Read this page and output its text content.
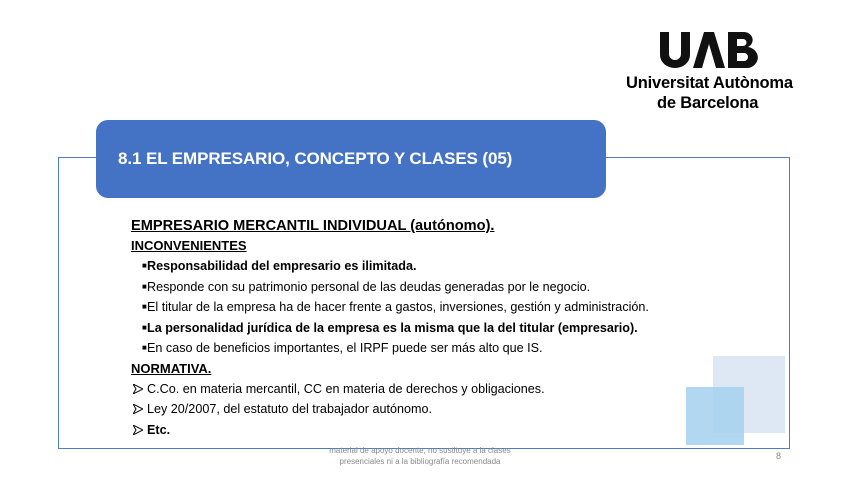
Universitat Autònoma
de Barcelona
8.1 EL EMPRESARIO, CONCEPTO Y CLASES (05)
EMPRESARIO MERCANTIL INDIVIDUAL (autónomo).
INCONVENIENTES
■ Responsabilidad del empresario es ilimitada.
■ Responde con su patrimonio personal de las deudas generadas por le negocio.
■ El titular de la empresa ha de hacer frente a gastos, inversiones, gestión y administración.
■ La personalidad jurídica de la empresa es la misma que la del titular (empresario).
■ En caso de beneficios importantes, el IRPF puede ser más alto que IS.
NORMATIVA.
C.Co. en materia mercantil, CC en materia de derechos y obligaciones.
Ley 20/2007, del estatuto del trabajador autónomo.
Etc.
material de apoyo docente, no sustituye a la clases
presenciales ni a la bibliografía recomendada
8
